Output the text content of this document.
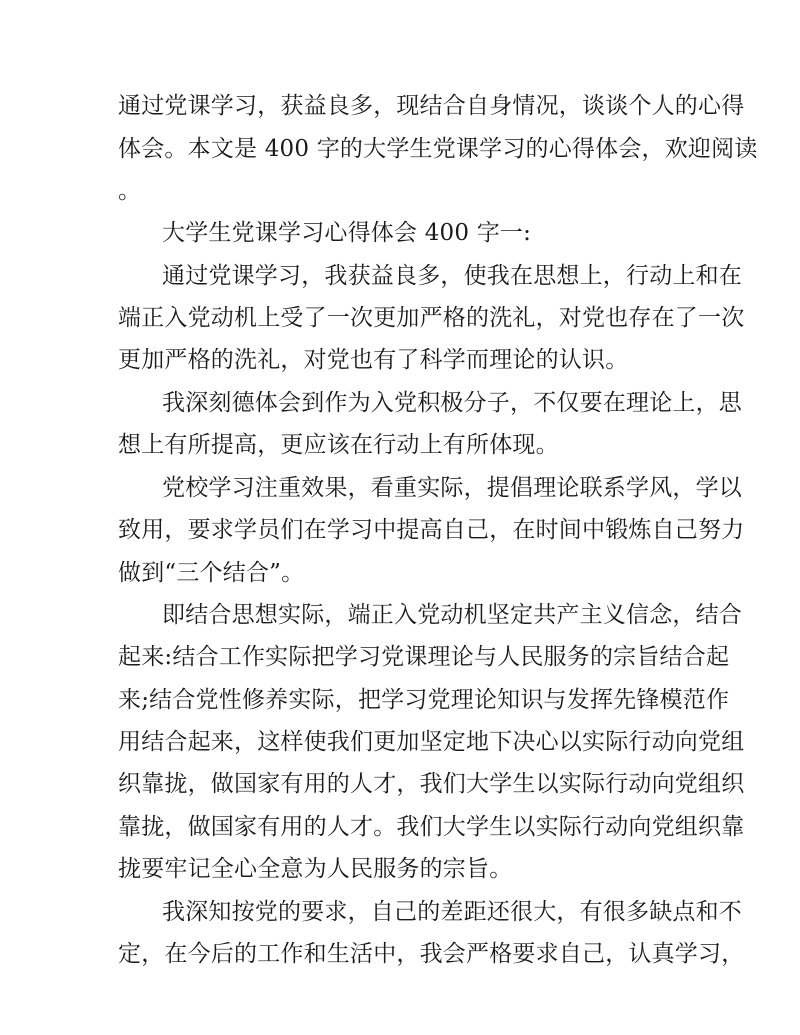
通过党课学习，获益良多，现结合自身情况，谈谈个人的心得

体会。本文是 400 字的大学生党课学习的心得体会，欢迎阅读

。

大学生党课学习心得体会 400 字一:

通过党课学习，我获益良多，使我在思想上，行动上和在

端正入党动机上受了一次更加严格的洗礼，对党也存在了一次

更加严格的洗礼，对党也有了科学而理论的认识。

我深刻德体会到作为入党积极分子，不仅要在理论上，思

想上有所提高，更应该在行动上有所体现。

党校学习注重效果，看重实际，提倡理论联系学风，学以

致用，要求学员们在学习中提高自己，在时间中锻炼自己努力

做到“三个结合”。

即结合思想实际，端正入党动机坚定共产主义信念，结合

起来:结合工作实际把学习党课理论与人民服务的宗旨结合起

来;结合党性修养实际，把学习党理论知识与发挥先锋模范作

用结合起来，这样使我们更加坚定地下决心以实际行动向党组

织靠拢，做国家有用的人才，我们大学生以实际行动向党组织

靠拢，做国家有用的人才。我们大学生以实际行动向党组织靠

拢要牢记全心全意为人民服务的宗旨。

我深知按党的要求，自己的差距还很大，有很多缺点和不

定，在今后的工作和生活中，我会严格要求自己，认真学习，
